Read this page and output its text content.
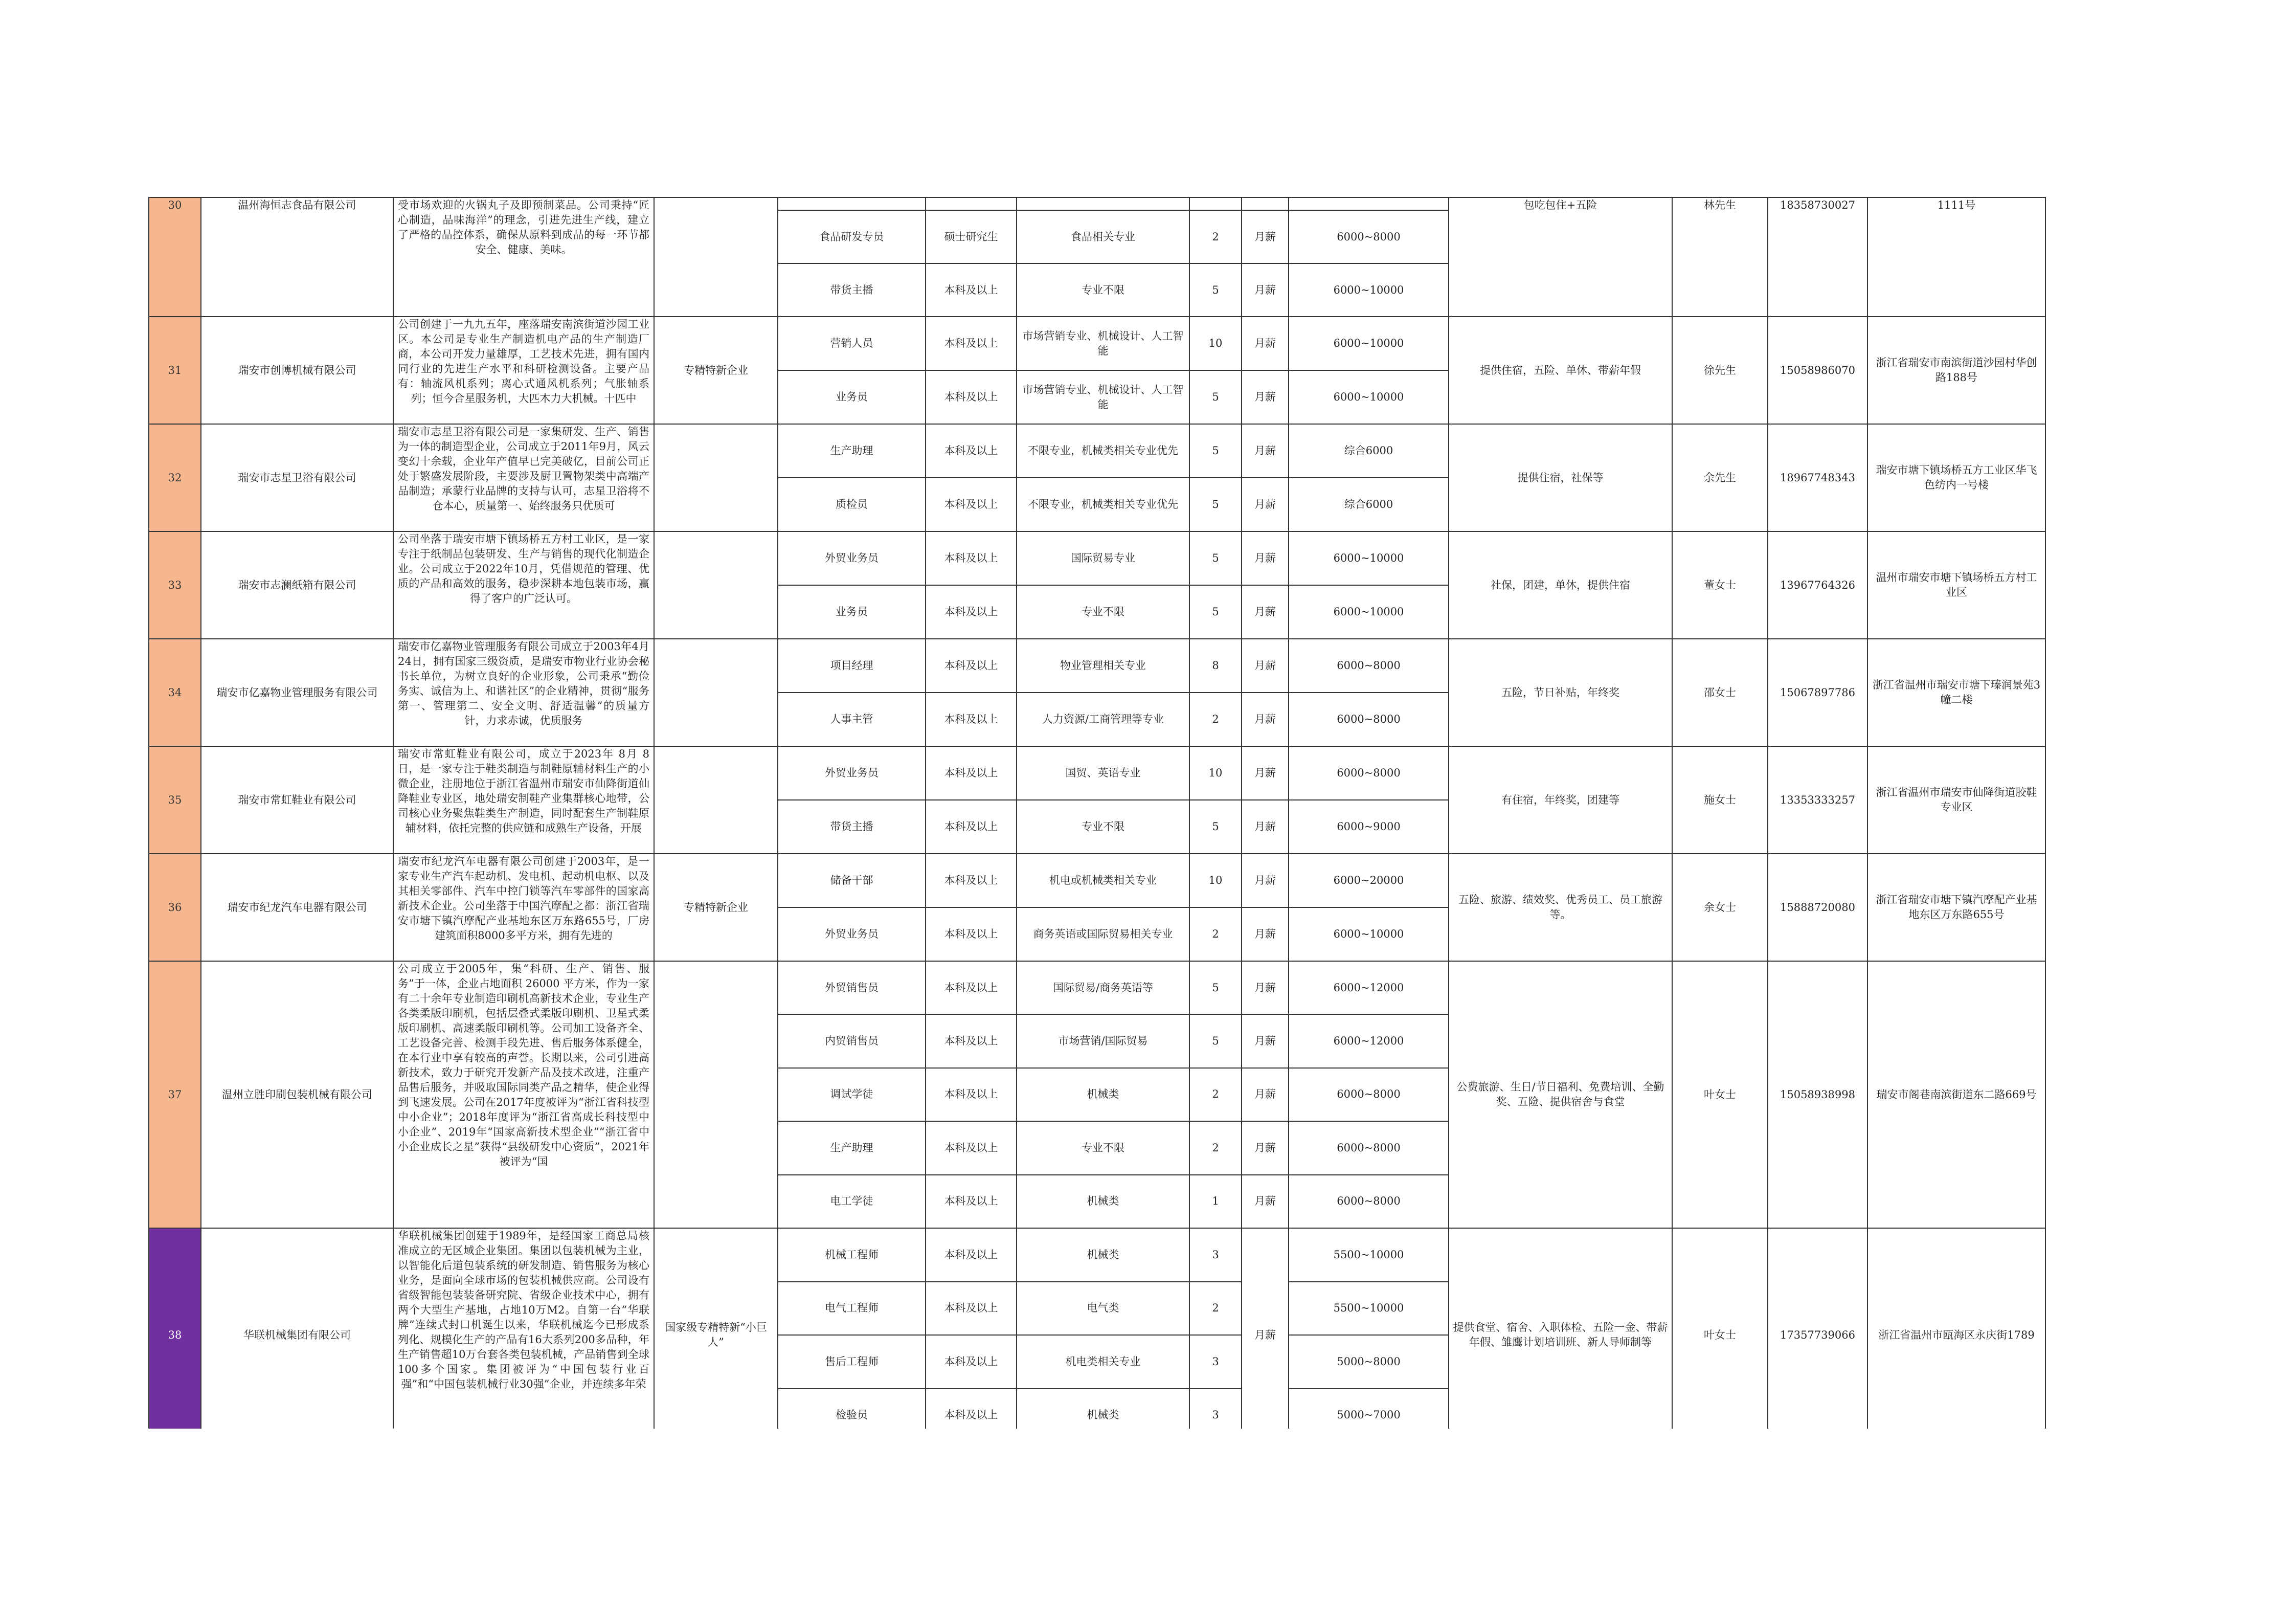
30	温州海恒志食品有限公司	受市场欢迎的火锅丸子及即预制菜品。公司秉持“匠心制造，品味海洋”的理念，引进先进生产线，建立了严格的品控体系，确保从原料到成品的每一环节都安全、健康、美味。								包吃包住+五险	林先生	18358730027	1111号	
				食品研发专员	硕士研究生	食品相关专业	2	月薪	6000~8000					
				带货主播	本科及以上	专业不限	5	月薪	6000~10000					
31	瑞安市创博机械有限公司	公司创建于一九九五年，座落瑞安南滨街道沙园工业区。本公司是专业生产制造机电产品的生产制造厂商，本公司开发力量雄厚，工艺技术先进，拥有国内同行业的先进生产水平和科研检测设备。主要产品有：轴流风机系列；离心式通风机系列；气胀轴系列；恒今合星服务机，大匹木力大机械。十匹中	专精特新企业	营销人员	本科及以上	市场营销专业、机械设计、人工智能	10	月薪	6000~10000	提供住宿，五险、单休、带薪年假	徐先生	15058986070	浙江省瑞安市南滨街道沙园村华创路188号	
				业务员	本科及以上	市场营销专业、机械设计、人工智能	5	月薪	6000~10000					
32	瑞安市志星卫浴有限公司	瑞安市志星卫浴有限公司是一家集研发、生产、销售为一体的制造型企业，公司成立于2011年9月，风云变幻十余载，企业年产值早已完美破亿，目前公司正处于繁盛发展阶段，主要涉及厨卫置物架类中高端产品制造；承蒙行业品牌的支持与认可，志星卫浴将不仓本心，质量第一、始终服务只优质可		生产助理	本科及以上	不限专业，机械类相关专业优先	5	月薪	综合6000	提供住宿，社保等	余先生	18967748343	瑞安市塘下镇场桥五方工业区华飞色纺内一号楼	
				质检员	本科及以上	不限专业，机械类相关专业优先	5	月薪	综合6000					
33	瑞安市志澜纸箱有限公司	公司坐落于瑞安市塘下镇场桥五方村工业区，是一家专注于纸制品包装研发、生产与销售的现代化制造企业。公司成立于2022年10月，凭借规范的管理、优质的产品和高效的服务，稳步深耕本地包装市场，赢得了客户的广泛认可。		外贸业务员	本科及以上	国际贸易专业	5	月薪	6000~10000	社保，团建，单休，提供住宿	董女士	13967764326	温州市瑞安市塘下镇场桥五方村工业区	
				业务员	本科及以上	专业不限	5	月薪	6000~10000					
34	瑞安市亿嘉物业管理服务有限公司	瑞安市亿嘉物业管理服务有限公司成立于2003年4月24日，拥有国家三级资质，是瑞安市物业行业协会秘书长单位，为树立良好的企业形象，公司秉承“勤俭务实、诚信为上、和谐社区”的企业精神，贯彻“服务第一、管理第二、安全文明、舒适温馨”的质量方针，力求赤诚，优质服务		项目经理	本科及以上	物业管理相关专业	8	月薪	6000~8000	五险，节日补贴，年终奖	邵女士	15067897786	浙江省温州市瑞安市塘下瑧润景苑3幢二楼	
				人事主管	本科及以上	人力资源/工商管理等专业	2	月薪	6000~8000					
35	瑞安市常虹鞋业有限公司	瑞安市常虹鞋业有限公司，成立于2023年 8月 8 日，是一家专注于鞋类制造与制鞋原辅材料生产的小微企业，注册地位于浙江省温州市瑞安市仙降街道仙降鞋业专业区，地处瑞安制鞋产业集群核心地带，公司核心业务聚焦鞋类生产制造，同时配套生产制鞋原辅材料，依托完整的供应链和成熟生产设备，开展		外贸业务员	本科及以上	国贸、英语专业	10	月薪	6000~8000	有住宿，年终奖，团建等	施女士	13353333257	浙江省温州市瑞安市仙降街道胶鞋专业区	
				带货主播	本科及以上	专业不限	5	月薪	6000~9000					
36	瑞安市纪龙汽车电器有限公司	瑞安市纪龙汽车电器有限公司创建于2003年，是一家专业生产汽车起动机、发电机、起动机电枢、以及其相关零部件、汽车中控门锁等汽车零部件的国家高新技术企业。公司坐落于中国汽摩配之都：浙江省瑞安市塘下镇汽摩配产业基地东区万东路655号，厂房建筑面积8000多平方米，拥有先进的	专精特新企业	储备干部	本科及以上	机电或机械类相关专业	10	月薪	6000~20000	五险、旅游、绩效奖、优秀员工、员工旅游等。	余女士	15888720080	浙江省瑞安市塘下镇汽摩配产业基地东区万东路655号	
				外贸业务员	本科及以上	商务英语或国际贸易相关专业	2	月薪	6000~10000					
37	温州立胜印刷包装机械有限公司	公司成立于2005年，集“科研、生产、销售、服务”于一体，企业占地面积 26000 平方米，作为一家有二十余年专业制造印刷机高新技术企业，专业生产各类柔版印刷机，包括层叠式柔版印刷机、卫星式柔版印刷机、高速柔版印刷机等。公司加工设备齐全、工艺设备完善、检测手段先进、售后服务体系健全，在本行业中享有较高的声誉。长期以来，公司引进高新技术，致力于研究开发新产品及技术改进，注重产品售后服务，并吸取国际同类产品之精华，使企业得到飞速发展。公司在2017年度被评为“浙江省科技型中小企业”；2018年度评为“浙江省高成长科技型中小企业”、2019年“国家高新技术型企业”“浙江省中小企业成长之星”获得“县级研发中心资质”，2021年被评为“国		外贸销售员	本科及以上	国际贸易/商务英语等	5	月薪	6000~12000	公费旅游、生日/节日福利、免费培训、全勤奖、五险、提供宿舍与食堂	叶女士	15058938998	瑞安市阁巷南滨街道东二路669号	
				内贸销售员	本科及以上	市场营销/国际贸易	5	月薪	6000~12000					
				调试学徒	本科及以上	机械类	2	月薪	6000~8000					
				生产助理	本科及以上	专业不限	2	月薪	6000~8000					
				电工学徒	本科及以上	机械类	1	月薪	6000~8000					
38	华联机械集团有限公司	华联机械集团创建于1989年，是经国家工商总局核准成立的无区域企业集团。集团以包装机械为主业，以智能化后道包装系统的研发制造、销售服务为核心业务，是面向全球市场的包装机械供应商。公司设有省级智能包装装备研究院、省级企业技术中心，拥有两个大型生产基地，占地10万M2。自第一台“华联牌”连续式封口机诞生以来，华联机械迄今已形成系列化、规模化生产的产品有16大系列200多品种，年生产销售超10万台套各类包装机械，产品销售到全球100多个国家。集团被评为“中国包装行业百强”和“中国包装机械行业30强”企业，并连续多年荣	国家级专精特新“小巨人”	机械工程师	本科及以上	机械类	3	月薪	5500~10000	提供食堂、宿舍、入职体检、五险一金、带薪年假、雏鹰计划培训班、新人导师制等	叶女士	17357739066	浙江省温州市瓯海区永庆街1789	
				电气工程师	本科及以上	电气类	2		5500~10000					
				售后工程师	本科及以上	机电类相关专业	3		5000~8000					
				检验员	本科及以上	机械类	3		5000~7000					
